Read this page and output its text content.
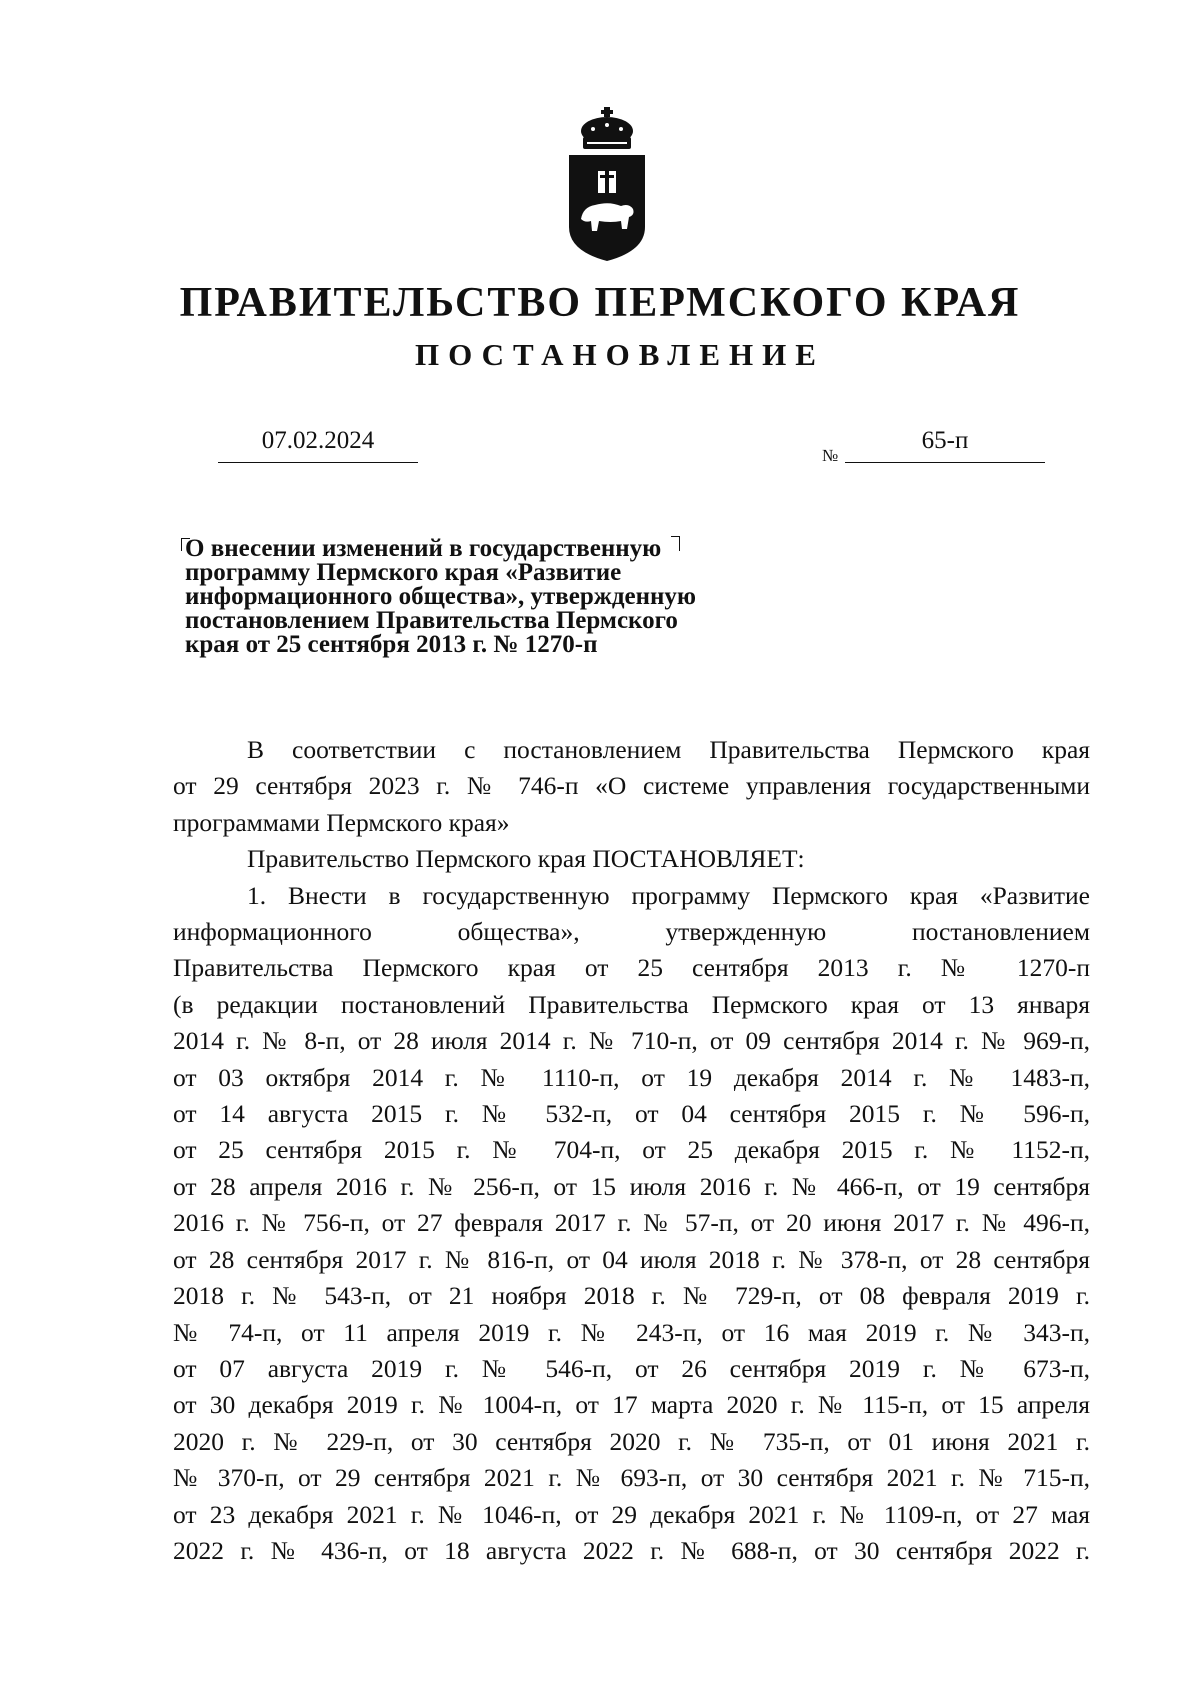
ПРАВИТЕЛЬСТВО ПЕРМСКОГО КРАЯ
ПОСТАНОВЛЕНИЕ
07.02.2024
№
65-п
О внесении изменений в государственную
программу Пермского края «Развитие
информационного общества», утвержденную
постановлением Правительства Пермского
края от 25 сентября 2013 г. № 1270-п
В соответствии с постановлением Правительства Пермского края
от 29 сентября 2023 г. № 746-п «О системе управления государственными
программами Пермского края»
Правительство Пермского края ПОСТАНОВЛЯЕТ:
1. Внести в государственную программу Пермского края «Развитие
информационного общества», утвержденную постановлением
Правительства Пермского края от 25 сентября 2013 г. № 1270-п
(в редакции постановлений Правительства Пермского края от 13 января
2014 г. № 8-п, от 28 июля 2014 г. № 710-п, от 09 сентября 2014 г. № 969-п,
от 03 октября 2014 г. № 1110-п, от 19 декабря 2014 г. № 1483-п,
от 14 августа 2015 г. № 532-п, от 04 сентября 2015 г. № 596-п,
от 25 сентября 2015 г. № 704-п, от 25 декабря 2015 г. № 1152-п,
от 28 апреля 2016 г. № 256-п, от 15 июля 2016 г. № 466-п, от 19 сентября
2016 г. № 756-п, от 27 февраля 2017 г. № 57-п, от 20 июня 2017 г. № 496-п,
от 28 сентября 2017 г. № 816-п, от 04 июля 2018 г. № 378-п, от 28 сентября
2018 г. № 543-п, от 21 ноября 2018 г. № 729-п, от 08 февраля 2019 г.
№ 74-п, от 11 апреля 2019 г. № 243-п, от 16 мая 2019 г. № 343-п,
от 07 августа 2019 г. № 546-п, от 26 сентября 2019 г. № 673-п,
от 30 декабря 2019 г. № 1004-п, от 17 марта 2020 г. № 115-п, от 15 апреля
2020 г. № 229-п, от 30 сентября 2020 г. № 735-п, от 01 июня 2021 г.
№ 370-п, от 29 сентября 2021 г. № 693-п, от 30 сентября 2021 г. № 715-п,
от 23 декабря 2021 г. № 1046-п, от 29 декабря 2021 г. № 1109-п, от 27 мая
2022 г. № 436-п, от 18 августа 2022 г. № 688-п, от 30 сентября 2022 г.
